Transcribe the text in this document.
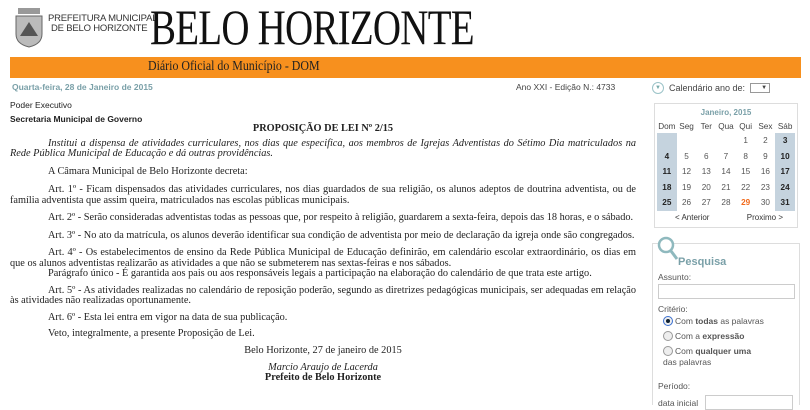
PREFEITURA MUNICIPAL
DE BELO HORIZONTE BELO HORIZONTE
Diário Oficial do Município - DOM
Quarta-feira, 28 de Janeiro de 2015	Ano XXI - Edição N.: 4733	▼ Calendário ano de:	▼

Poder Executivo

Secretaria Municipal de Governo

PROPOSIÇÃO DE LEI Nº 2/15

Institui a dispensa de atividades curriculares, nos dias que especifica, aos membros de Igrejas Adventistas do Sétimo Dia matriculados na Rede Pública Municipal de Educação e dá outras providências.

A Câmara Municipal de Belo Horizonte decreta:

Art. 1º - Ficam dispensados das atividades curriculares, nos dias guardados de sua religião, os alunos adeptos de doutrina adventista, ou de família adventista que assim queira, matriculados nas escolas públicas municipais.

Art. 2º - Serão consideradas adventistas todas as pessoas que, por respeito à religião, guardarem a sexta-feira, depois das 18 horas, e o sábado.

Art. 3º - No ato da matrícula, os alunos deverão identificar sua condição de adventista por meio de declaração da igreja onde são congregados.

Art. 4º - Os estabelecimentos de ensino da Rede Pública Municipal de Educação definirão, em calendário escolar extraordinário, os dias em que os alunos adventistas realizarão as atividades a que não se submeterem nas sextas-feiras e nos sábados.

Parágrafo único - É garantida aos pais ou aos responsáveis legais a participação na elaboração do calendário de que trata este artigo.

Art. 5º - As atividades realizadas no calendário de reposição poderão, segundo as diretrizes pedagógicas municipais, ser adequadas em relação às atividades não realizadas oportunamente.

Art. 6º - Esta lei entra em vigor na data de sua publicação.

Veto, integralmente, a presente Proposição de Lei.

Belo Horizonte, 27 de janeiro de 2015

Marcio Araujo de Lacerda

Prefeito de Belo Horizonte

Janeiro, 2015
Dom	Seg	Ter	Qua	Qui	Sex	Sáb
				1	2	3
4	5	6	7	8	9	10
11	12	13	14	15	16	17
18	19	20	21	22	23	24
25	26	27	28	29	30	31
< Anterior	Proximo >
Pesquisa
Assunto:
Critério:
Com todas as palavras
Com a expressão
Com qualquer uma
das palavras
Período:
data inicial
